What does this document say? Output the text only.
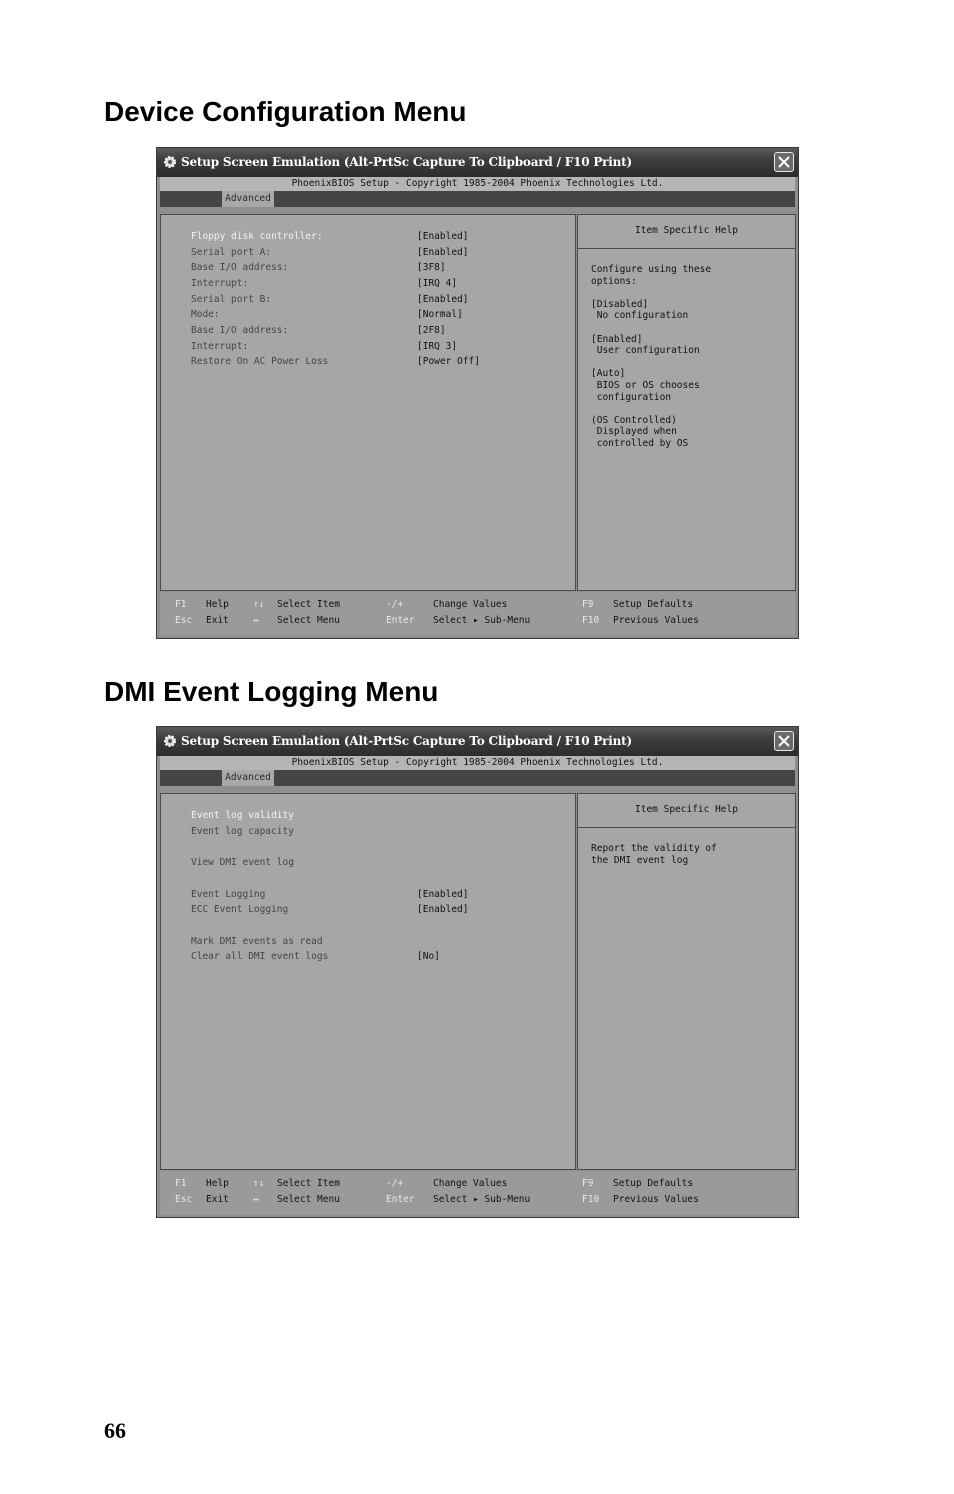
Device Configuration Menu
Setup Screen Emulation (Alt-PrtSc Capture To Clipboard / F10 Print)
PhoenixBIOS Setup - Copyright 1985-2004 Phoenix Technologies Ltd.
Advanced
Floppy disk controller:	[Enabled]
Serial port A:	[Enabled]
Base I/O address:	[3F8]
Interrupt:	[IRQ 4]
Serial port B:	[Enabled]
Mode:	[Normal]
Base I/O address:	[2F8]
Interrupt:	[IRQ 3]
Restore On AC Power Loss	[Power Off]
Item Specific Help
Configure using these
options:

[Disabled]
No configuration

[Enabled]
User configuration

[Auto]
BIOS or OS chooses
configuration

(OS Controlled)
Displayed when
controlled by OS
F1 Help
Esc Exit
↑↓ Select Item
↔ Select Menu
-/+	Change Values
Enter Select ▸ Sub-Menu
F9 Setup Defaults
F10 Previous Values
DMI Event Logging Menu
Setup Screen Emulation (Alt-PrtSc Capture To Clipboard / F10 Print)
PhoenixBIOS Setup - Copyright 1985-2004 Phoenix Technologies Ltd.
Advanced
Event log validity
Event log capacity
View DMI event log
Event Logging	[Enabled]
ECC Event Logging	[Enabled]
Mark DMI events as read
Clear all DMI event logs	[No]
Item Specific Help
Report the validity of
the DMI event log
F1 Help
Esc Exit
↑↓ Select Item
↔ Select Menu
-/+	Change Values
Enter Select ▸ Sub-Menu
F9 Setup Defaults
F10 Previous Values
66
